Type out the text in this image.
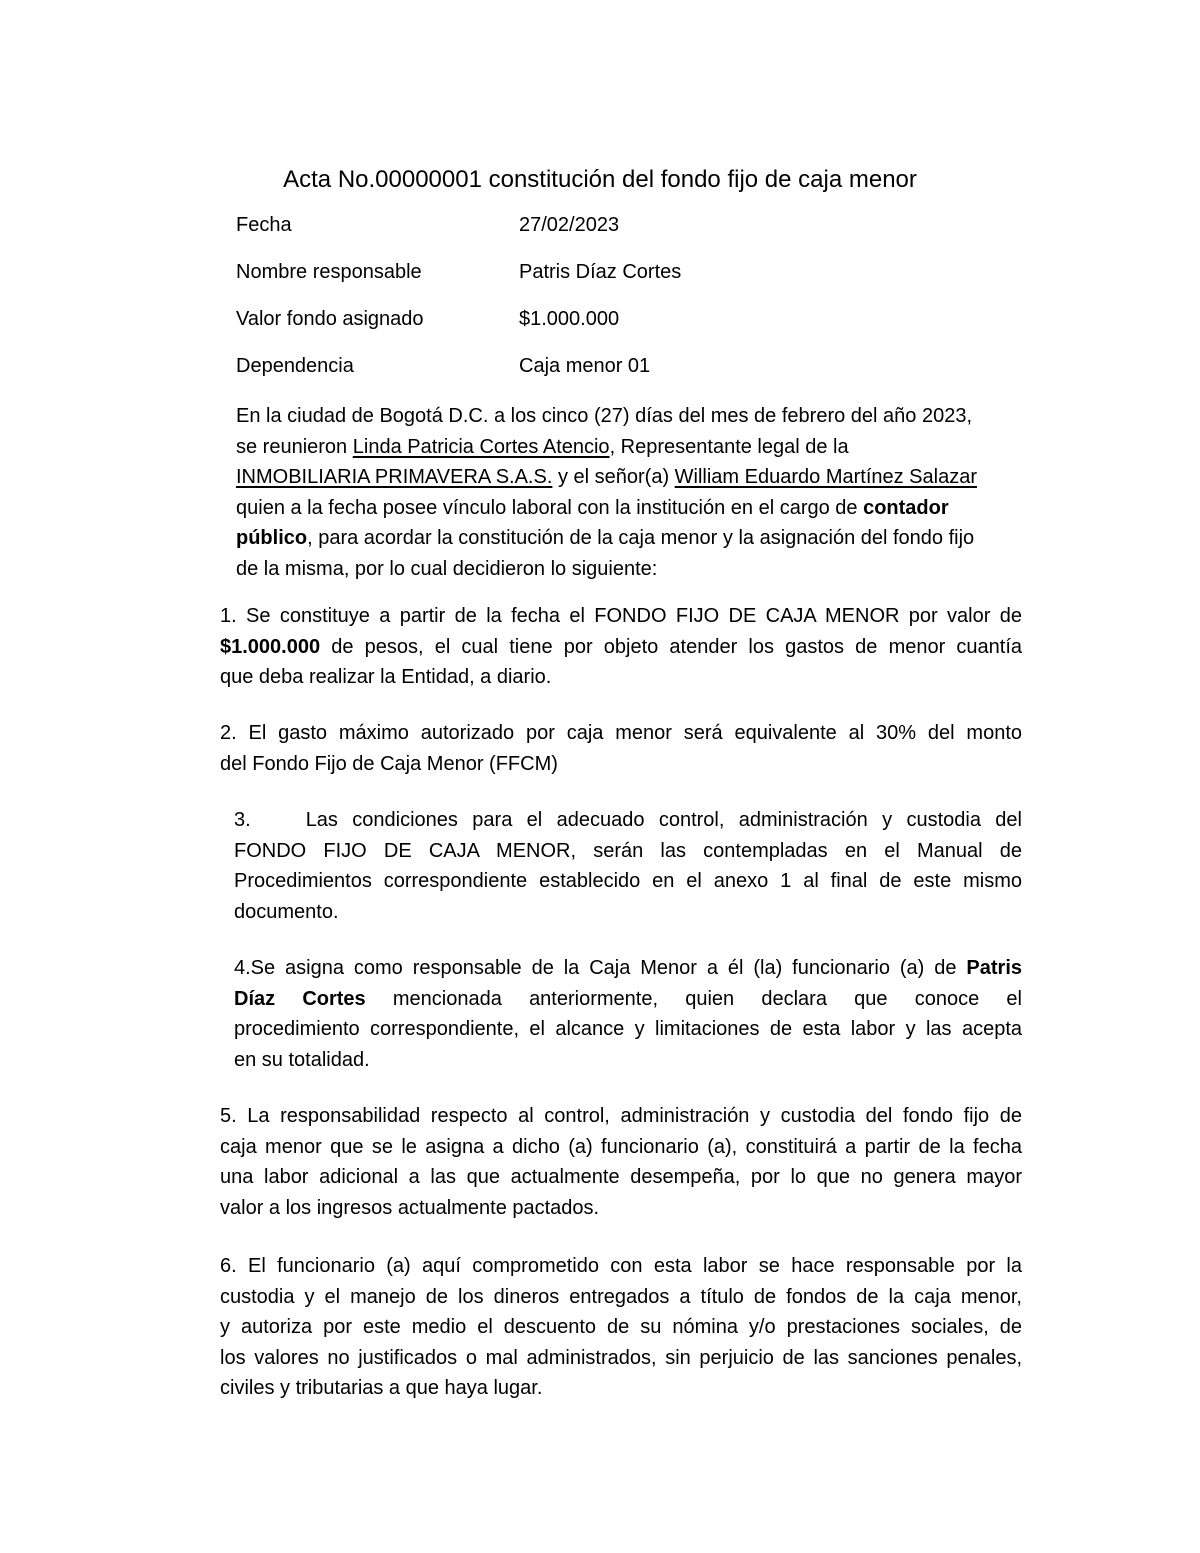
Acta No.00000001 constitución del fondo fijo de caja menor
Fecha	27/02/2023
Nombre responsable	Patris Díaz Cortes
Valor fondo asignado	$1.000.000
Dependencia	Caja menor 01
En la ciudad de Bogotá D.C. a los cinco (27) días del mes de febrero del año 2023,
se reunieron Linda Patricia Cortes Atencio, Representante legal de la
INMOBILIARIA PRIMAVERA S.A.S. y el señor(a) William Eduardo Martínez Salazar
quien a la fecha posee vínculo laboral con la institución en el cargo de contador
público, para acordar la constitución de la caja menor y la asignación del fondo fijo
de la misma, por lo cual decidieron lo siguiente:
1. Se constituye a partir de la fecha el FONDO FIJO DE CAJA MENOR por valor de
$1.000.000 de pesos, el cual tiene por objeto atender los gastos de menor cuantía
que deba realizar la Entidad, a diario.
2. El gasto máximo autorizado por caja menor será equivalente al 30% del monto
del Fondo Fijo de Caja Menor (FFCM)
3.	Las condiciones para el adecuado control, administración y custodia del
FONDO FIJO DE CAJA MENOR, serán las contempladas en el Manual de
Procedimientos correspondiente establecido en el anexo 1 al final de este mismo
documento.
4.Se asigna como responsable de la Caja Menor a él (la) funcionario (a) de Patris
Díaz Cortes mencionada anteriormente, quien declara que conoce el
procedimiento correspondiente, el alcance y limitaciones de esta labor y las acepta
en su totalidad.
5. La responsabilidad respecto al control, administración y custodia del fondo fijo de
caja menor que se le asigna a dicho (a) funcionario (a), constituirá a partir de la fecha
una labor adicional a las que actualmente desempeña, por lo que no genera mayor
valor a los ingresos actualmente pactados.
6. El funcionario (a) aquí comprometido con esta labor se hace responsable por la
custodia y el manejo de los dineros entregados a título de fondos de la caja menor,
y autoriza por este medio el descuento de su nómina y/o prestaciones sociales, de
los valores no justificados o mal administrados, sin perjuicio de las sanciones penales,
civiles y tributarias a que haya lugar.
